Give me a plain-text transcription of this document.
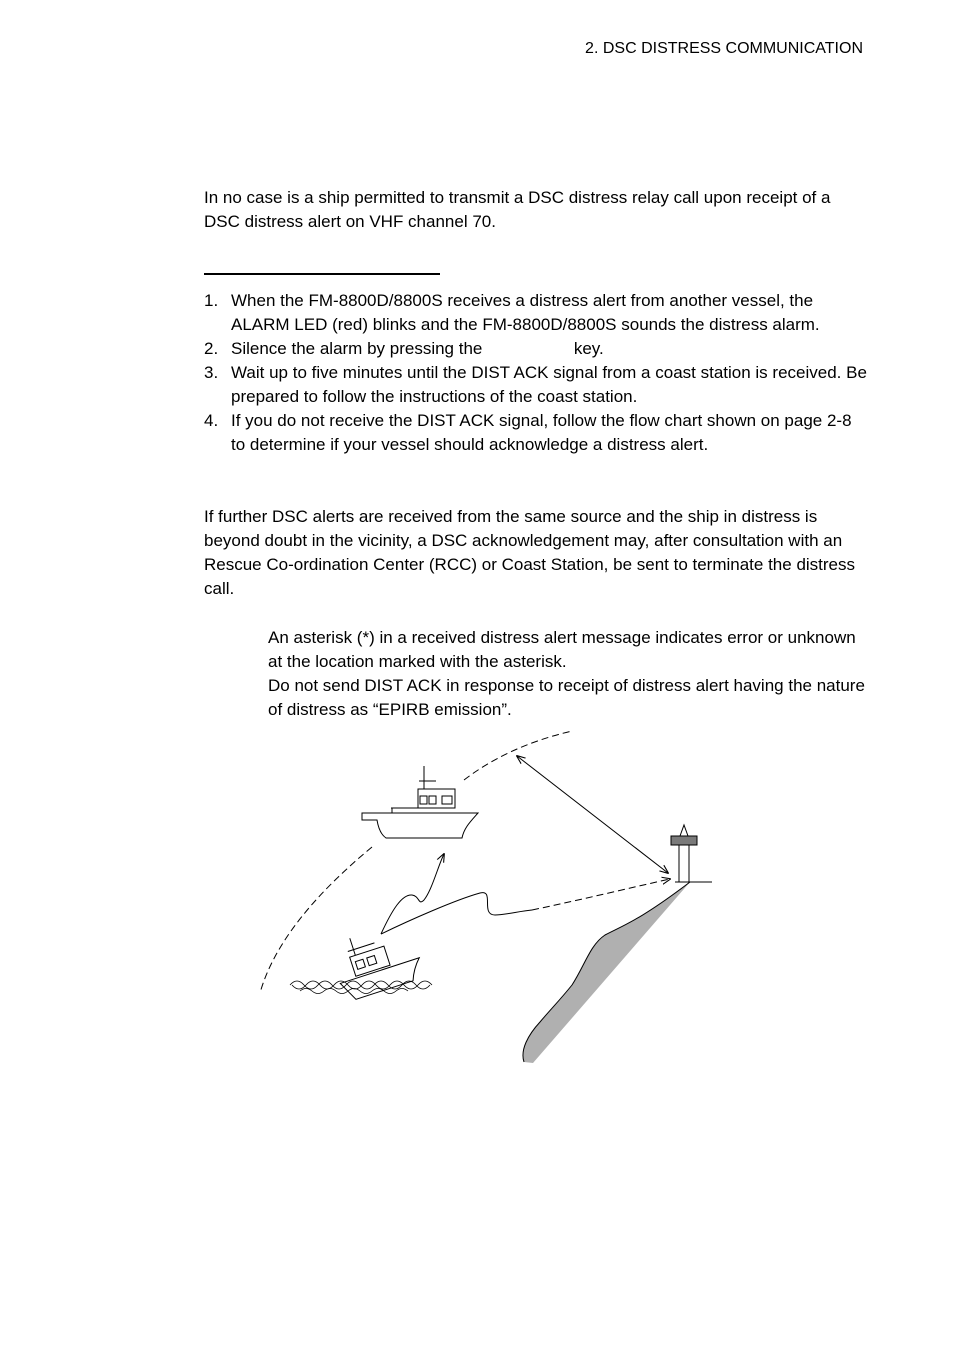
2. DSC DISTRESS COMMUNICATION

In no case is a ship permitted to transmit a DSC distress relay call upon receipt of a DSC distress alert on VHF channel 70.

1. When the FM-8800D/8800S receives a distress alert from another vessel, the ALARM LED (red) blinks and the FM-8800D/8800S sounds the distress alarm.
2. Silence the alarm by pressing the	key.
3. Wait up to five minutes until the DIST ACK signal from a coast station is received. Be prepared to follow the instructions of the coast station.
4. If you do not receive the DIST ACK signal, follow the flow chart shown on page 2-8 to determine if your vessel should acknowledge a distress alert.

If further DSC alerts are received from the same source and the ship in distress is beyond doubt in the vicinity, a DSC acknowledgement may, after consultation with an Rescue Co-ordination Center (RCC) or Coast Station, be sent to terminate the distress call.

An asterisk (*) in a received distress alert message indicates error or unknown at the location marked with the asterisk.

Do not send DIST ACK in response to receipt of distress alert having the nature of distress as “EPIRB emission”.
